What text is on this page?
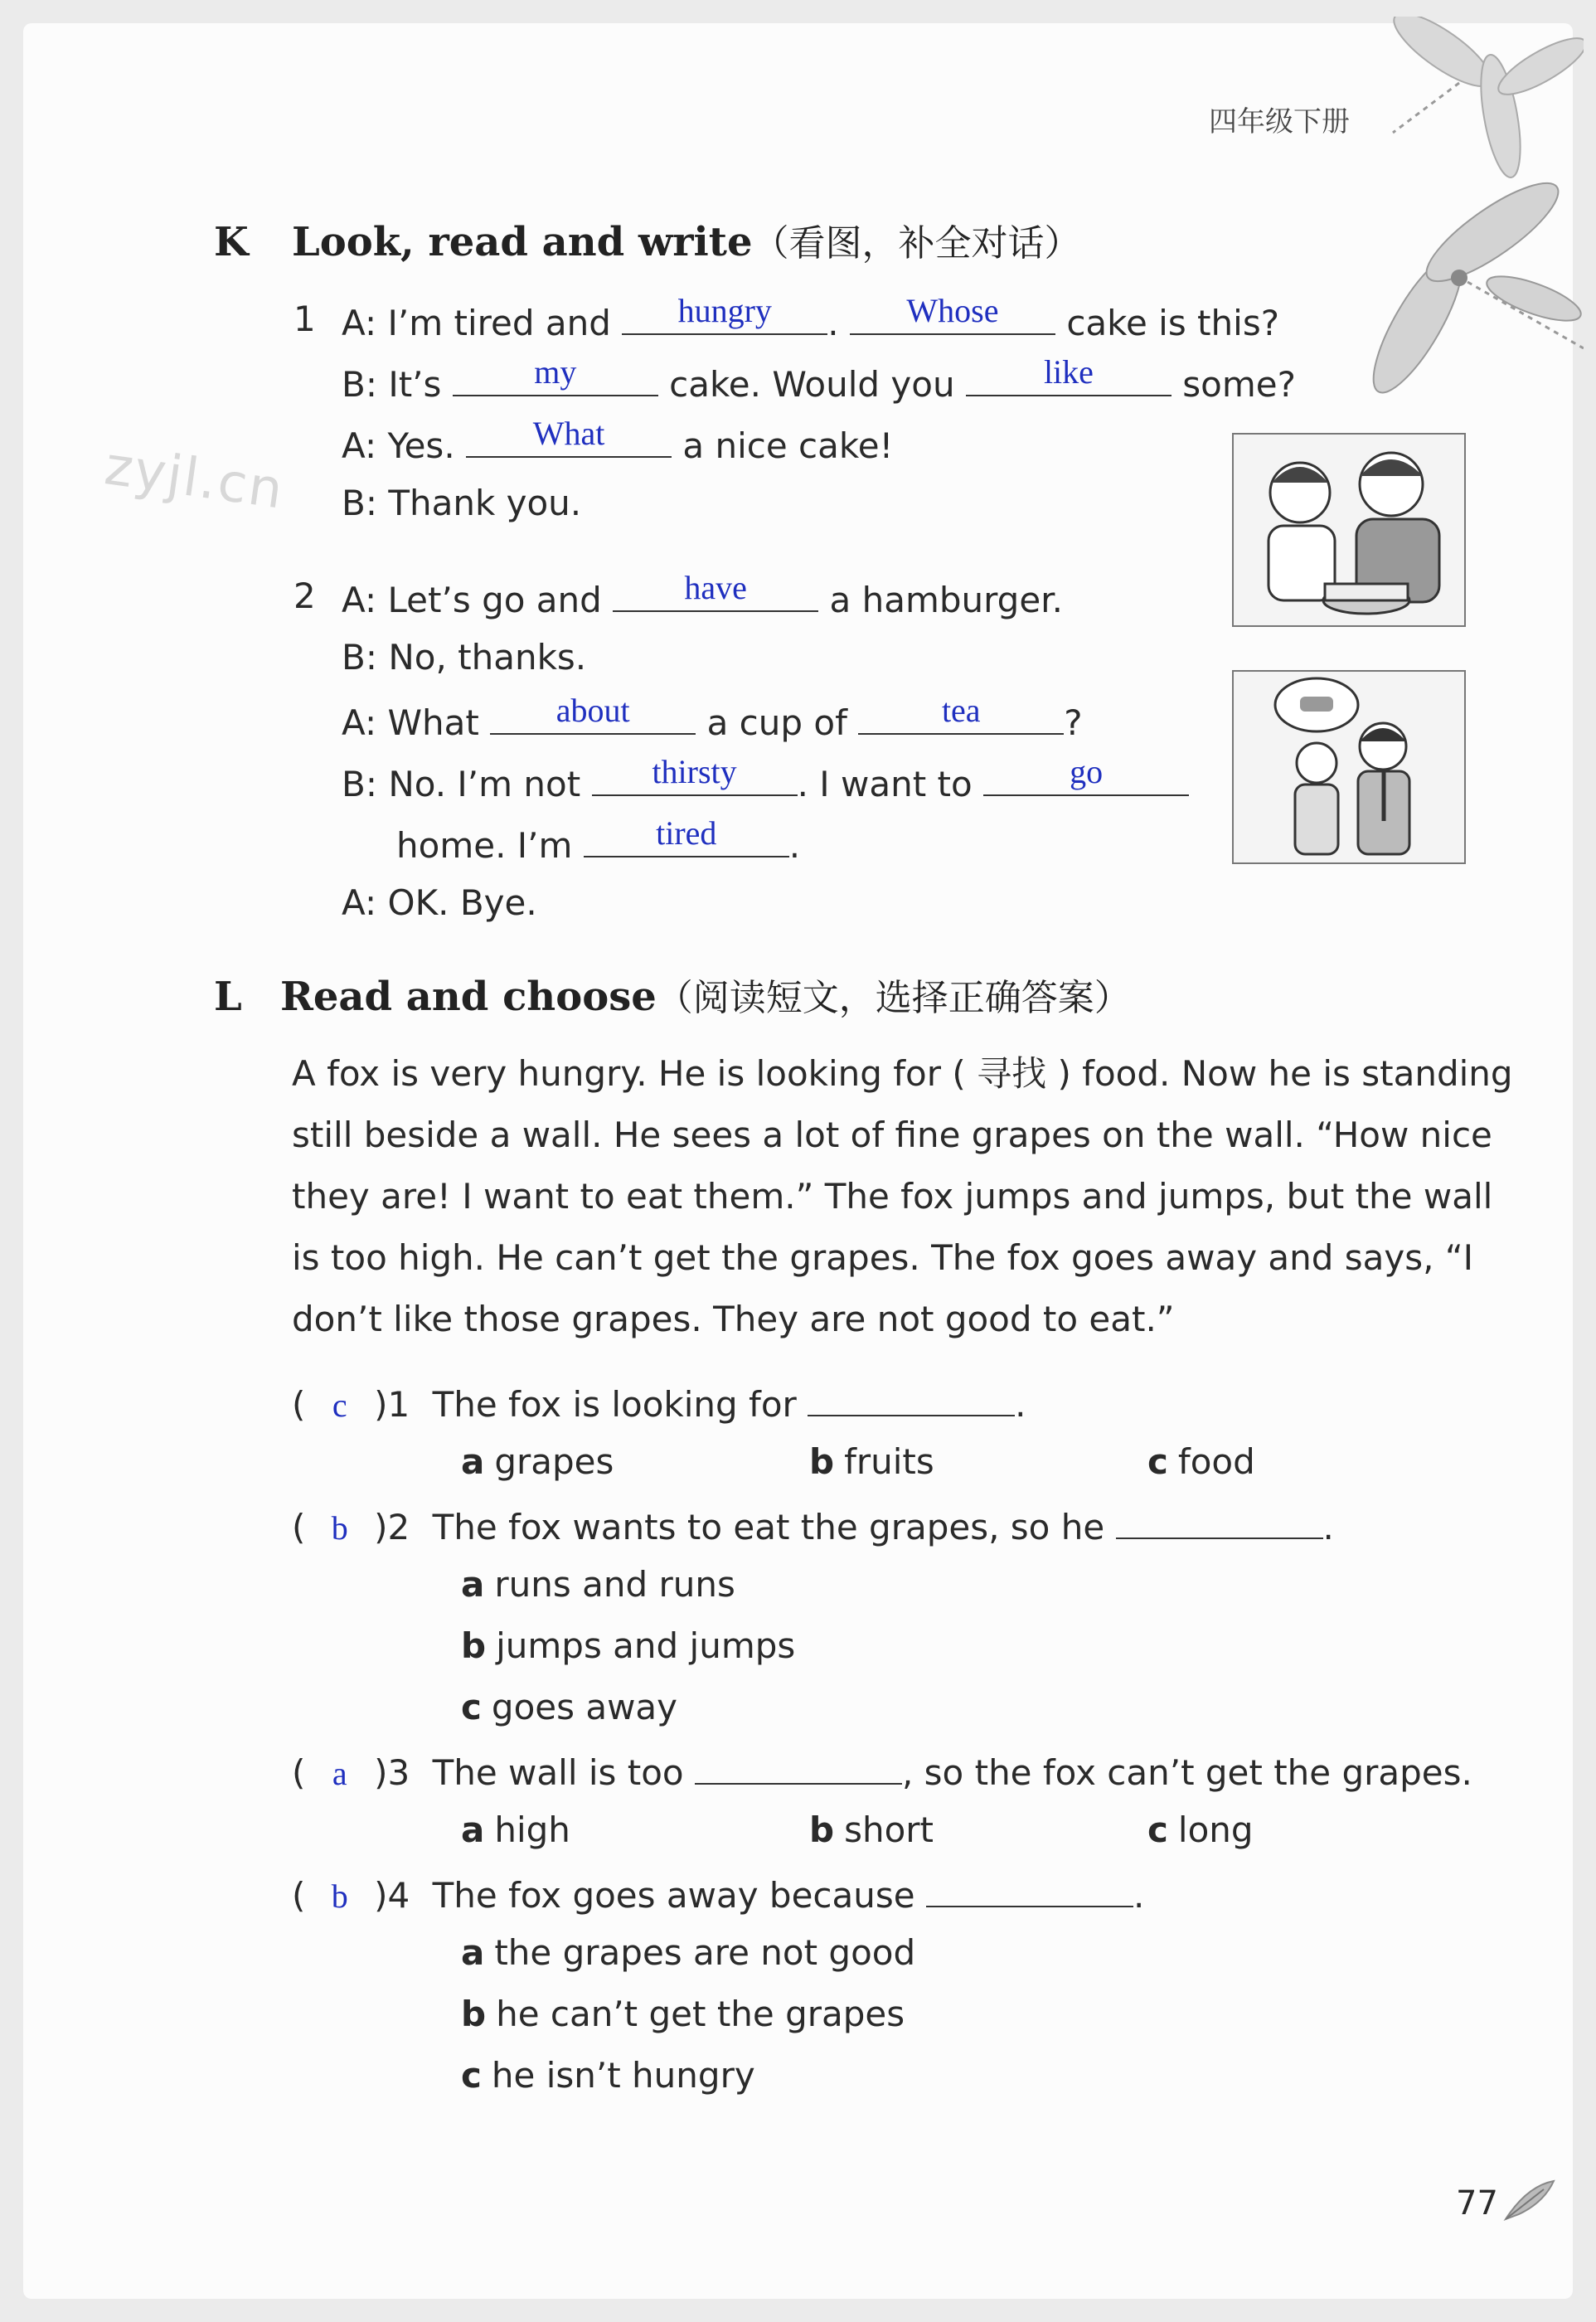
四年级下册
zyjl.cn
K Look, read and write（看图，补全对话）
1 A: I’m tired and	hungry	.	Whose	cake is this?
B: It’s	my	cake. Would you	like	some?
A: Yes.	What	a nice cake!
B: Thank you.
2 A: Let’s go and	have	a hamburger.
B: No, thanks.
A: What	about	a cup of	tea	?
B: No. I’m not	thirsty	. I want to	go
home. I’m	tired	.
A: OK. Bye.
L Read and choose（阅读短文，选择正确答案）
A fox is very hungry. He is looking for ( 寻找 ) food. Now he is standing
still beside a wall. He sees a lot of fine grapes on the wall. “How nice
they are! I want to eat them.” The fox jumps and jumps, but the wall
is too high. He can’t get the grapes. The fox goes away and says, “I
don’t like those grapes. They are not good to eat.”
( c )1 The fox is looking for	.
a grapes	b fruits	c food
( b )2 The fox wants to eat the grapes, so he	.
a runs and runs
b jumps and jumps
c goes away
( a )3 The wall is too	, so the fox can’t get the grapes.
a high	b short	c long
( b )4 The fox goes away because	.
a the grapes are not good
b he can’t get the grapes
c he isn’t hungry
77
